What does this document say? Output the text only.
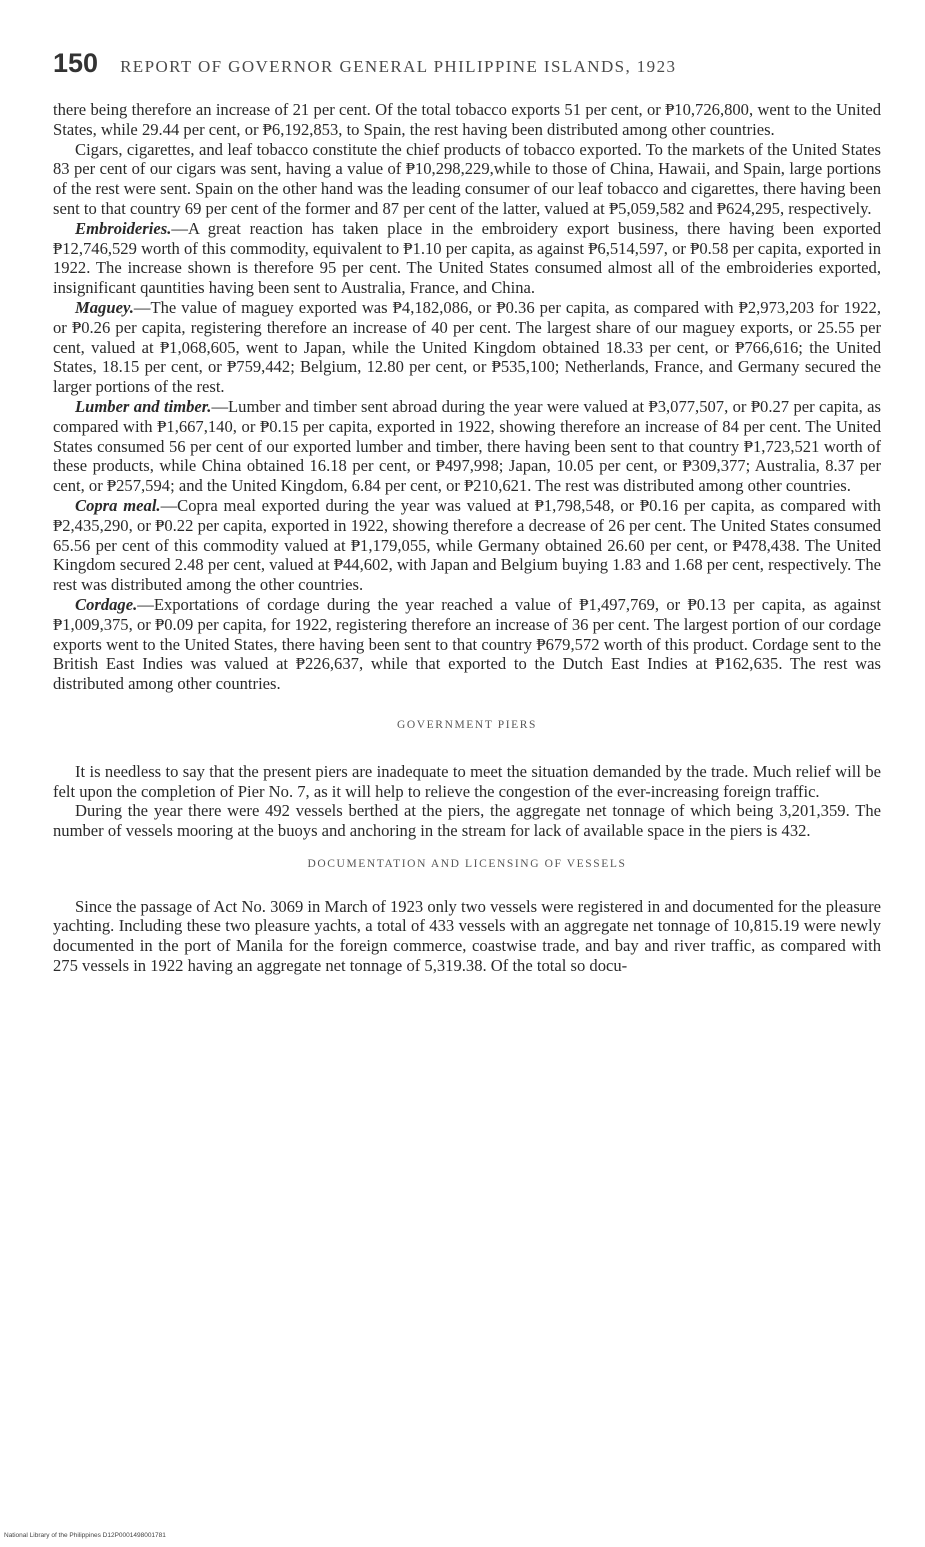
150 REPORT OF GOVERNOR GENERAL PHILIPPINE ISLANDS, 1923

there being therefore an increase of 21 per cent. Of the total tobacco exports 51 per cent, or ₱10,726,800, went to the United States, while 29.44 per cent, or ₱6,192,853, to Spain, the rest having been distributed among other countries.

Cigars, cigarettes, and leaf tobacco constitute the chief products of tobacco exported. To the markets of the United States 83 per cent of our cigars was sent, having a value of ₱10,298,229,while to those of China, Hawaii, and Spain, large portions of the rest were sent. Spain on the other hand was the leading consumer of our leaf tobacco and cigarettes, there having been sent to that country 69 per cent of the former and 87 per cent of the latter, valued at ₱5,059,582 and ₱624,295, respectively.

Embroideries.—A great reaction has taken place in the embroidery export business, there having been exported ₱12,746,529 worth of this commodity, equivalent to ₱1.10 per capita, as against ₱6,514,597, or ₱0.58 per capita, exported in 1922. The increase shown is therefore 95 per cent. The United States consumed almost all of the embroideries exported, insignificant qauntities having been sent to Australia, France, and China.

Maguey.—The value of maguey exported was ₱4,182,086, or ₱0.36 per capita, as compared with ₱2,973,203 for 1922, or ₱0.26 per capita, registering therefore an increase of 40 per cent. The largest share of our maguey exports, or 25.55 per cent, valued at ₱1,068,605, went to Japan, while the United Kingdom obtained 18.33 per cent, or ₱766,616; the United States, 18.15 per cent, or ₱759,442; Belgium, 12.80 per cent, or ₱535,100; Netherlands, France, and Germany secured the larger portions of the rest.

Lumber and timber.—Lumber and timber sent abroad during the year were valued at ₱3,077,507, or ₱0.27 per capita, as compared with ₱1,667,140, or ₱0.15 per capita, exported in 1922, showing therefore an increase of 84 per cent. The United States consumed 56 per cent of our exported lumber and timber, there having been sent to that country ₱1,723,521 worth of these products, while China obtained 16.18 per cent, or ₱497,998; Japan, 10.05 per cent, or ₱309,377; Australia, 8.37 per cent, or ₱257,594; and the United Kingdom, 6.84 per cent, or ₱210,621. The rest was distributed among other countries.

Copra meal.—Copra meal exported during the year was valued at ₱1,798,548, or ₱0.16 per capita, as compared with ₱2,435,290, or ₱0.22 per capita, exported in 1922, showing therefore a decrease of 26 per cent. The United States consumed 65.56 per cent of this commodity valued at ₱1,179,055, while Germany obtained 26.60 per cent, or ₱478,438. The United Kingdom secured 2.48 per cent, valued at ₱44,602, with Japan and Belgium buying 1.83 and 1.68 per cent, respectively. The rest was distributed among the other countries.

Cordage.—Exportations of cordage during the year reached a value of ₱1,497,769, or ₱0.13 per capita, as against ₱1,009,375, or ₱0.09 per capita, for 1922, registering therefore an increase of 36 per cent. The largest portion of our cordage exports went to the United States, there having been sent to that country ₱679,572 worth of this product. Cordage sent to the British East Indies was valued at ₱226,637, while that exported to the Dutch East Indies at ₱162,635. The rest was distributed among other countries.

GOVERNMENT PIERS

It is needless to say that the present piers are inadequate to meet the situation demanded by the trade. Much relief will be felt upon the completion of Pier No. 7, as it will help to relieve the congestion of the ever-increasing foreign traffic.

During the year there were 492 vessels berthed at the piers, the aggregate net tonnage of which being 3,201,359. The number of vessels mooring at the buoys and anchoring in the stream for lack of available space in the piers is 432.

DOCUMENTATION AND LICENSING OF VESSELS

Since the passage of Act No. 3069 in March of 1923 only two vessels were registered in and documented for the pleasure yachting. Including these two pleasure yachts, a total of 433 vessels with an aggregate net tonnage of 10,815.19 were newly documented in the port of Manila for the foreign commerce, coastwise trade, and bay and river traffic, as compared with 275 vessels in 1922 having an aggregate net tonnage of 5,319.38. Of the total so docu-

National Library of the Philippines D12P0001498001781
